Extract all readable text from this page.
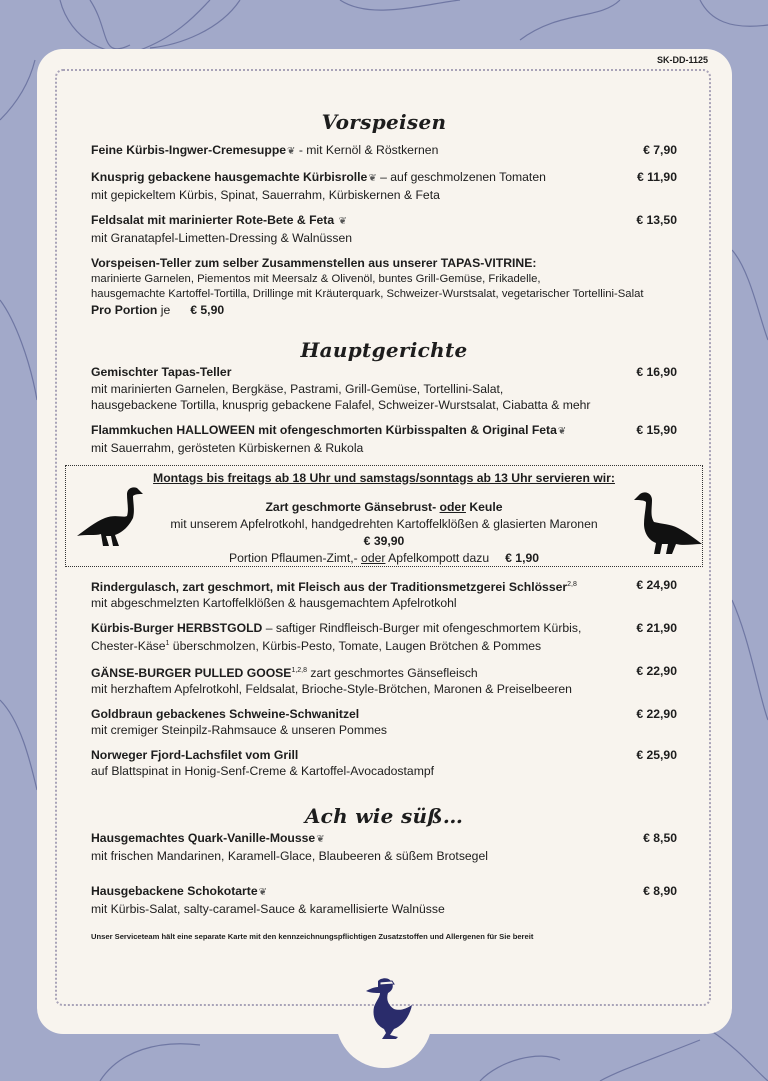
SK-DD-1125
Vorspeisen
Feine Kürbis-Ingwer-Cremesuppe❦ - mit Kernöl & Röstkernen	€ 7,90
Knusprig gebackene hausgemachte Kürbisrolle❦ – auf geschmolzenen Tomaten
mit gepickeltem Kürbis, Spinat, Sauerrahm, Kürbiskernen & Feta
€ 11,90
Feldsalat mit marinierter Rote-Bete & Feta ❦
mit Granatapfel-Limetten-Dressing & Walnüssen
€ 13,50
Vorspeisen-Teller zum selber Zusammenstellen aus unserer TAPAS-VITRINE:
marinierte Garnelen, Piementos mit Meersalz & Olivenöl, buntes Grill-Gemüse, Frikadelle,
hausgemachte Kartoffel-Tortilla, Drillinge mit Kräuterquark, Schweizer-Wurstsalat, vegetarischer Tortellini-Salat
Pro Portion je € 5,90
Hauptgerichte
Gemischter Tapas-Teller
mit marinierten Garnelen, Bergkäse, Pastrami, Grill-Gemüse, Tortellini-Salat,
hausgebackene Tortilla, knusprig gebackene Falafel, Schweizer-Wurstsalat, Ciabatta & mehr
€ 16,90
Flammkuchen HALLOWEEN mit ofengeschmorten Kürbisspalten & Original Feta❦
mit Sauerrahm, gerösteten Kürbiskernen & Rukola
€ 15,90
Montags bis freitags ab 18 Uhr und samstags/sonntags ab 13 Uhr servieren wir:
Zart geschmorte Gänsebrust- oder Keule
mit unserem Apfelrotkohl, handgedrehten Kartoffelklößen & glasierten Maronen
€ 39,90
Portion Pflaumen-Zimt,- oder Apfelkompott dazu € 1,90
Rindergulasch, zart geschmort, mit Fleisch aus der Traditionsmetzgerei Schlösser$^{2,8}$
mit abgeschmelzten Kartoffelklößen & hausgemachtem Apfelrotkohl
€ 24,90
Kürbis-Burger HERBSTGOLD – saftiger Rindfleisch-Burger mit ofengeschmortem Kürbis,
Chester-Käse$^1$ überschmolzen, Kürbis-Pesto, Tomate, Laugen Brötchen & Pommes
€ 21,90
GÄNSE-BURGER PULLED GOOSE$^{1,2,8}$ zart geschmortes Gänsefleisch
mit herzhaftem Apfelrotkohl, Feldsalat, Brioche-Style-Brötchen, Maronen & Preiselbeeren
€ 22,90
Goldbraun gebackenes Schweine-Schwanitzel
mit cremiger Steinpilz-Rahmsauce & unseren Pommes
€ 22,90
Norweger Fjord-Lachsfilet vom Grill
auf Blattspinat in Honig-Senf-Creme & Kartoffel-Avocadostampf
€ 25,90
Ach wie süß…
Hausgemachtes Quark-Vanille-Mousse❦
mit frischen Mandarinen, Karamell-Glace, Blaubeeren & süßem Brotsegel
€ 8,50
Hausgebackene Schokotarte❦
mit Kürbis-Salat, salty-caramel-Sauce & karamellisierte Walnüsse
€ 8,90
Unser Serviceteam hält eine separate Karte mit den kennzeichnungspflichtigen Zusatzstoffen und Allergenen für Sie bereit
